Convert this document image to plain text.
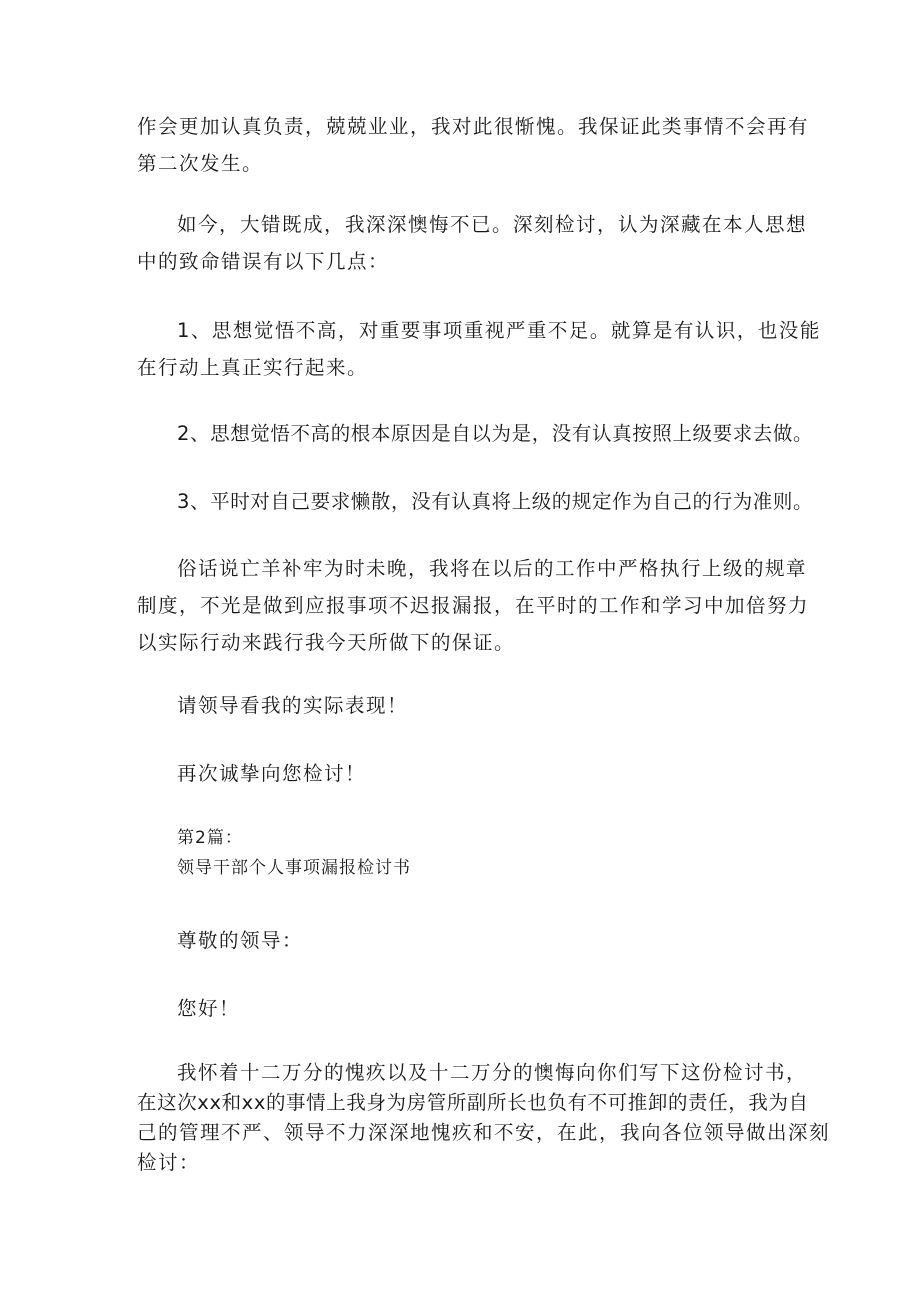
作会更加认真负责，兢兢业业，我对此很惭愧。我保证此类事情不会再有
第二次发生。
如今，大错既成，我深深懊悔不已。深刻检讨，认为深藏在本人思想
中的致命错误有以下几点：
1、思想觉悟不高，对重要事项重视严重不足。就算是有认识，也没能
在行动上真正实行起来。
2、思想觉悟不高的根本原因是自以为是，没有认真按照上级要求去做。
3、平时对自己要求懒散，没有认真将上级的规定作为自己的行为准则。
俗话说亡羊补牢为时未晚，我将在以后的工作中严格执行上级的规章
制度，不光是做到应报事项不迟报漏报，在平时的工作和学习中加倍努力
以实际行动来践行我今天所做下的保证。
请领导看我的实际表现！
再次诚挚向您检讨！
第2篇：
领导干部个人事项漏报检讨书
尊敬的领导：
您好！
我怀着十二万分的愧疚以及十二万分的懊悔向你们写下这份检讨书，
在这次xx和xx的事情上我身为房管所副所长也负有不可推卸的责任，我为自
己的管理不严、领导不力深深地愧疚和不安，在此，我向各位领导做出深刻
检讨：
